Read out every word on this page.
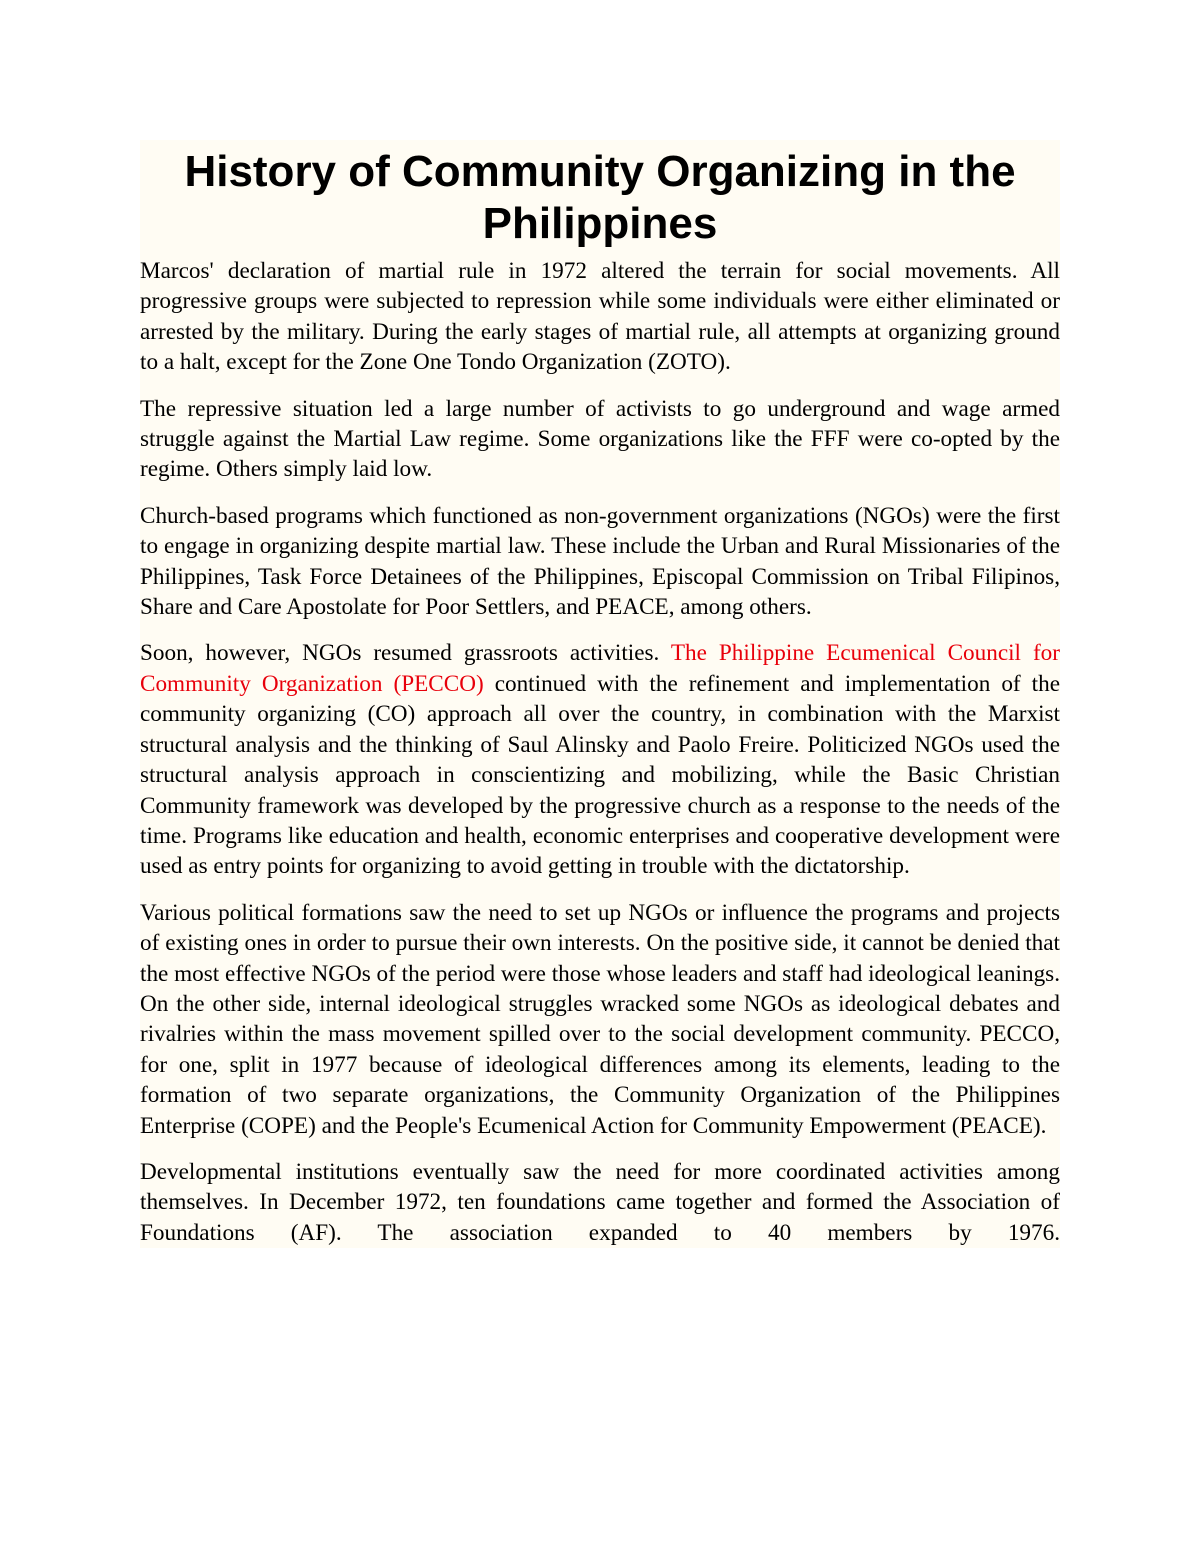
History of Community Organizing in the Philippines

Marcos' declaration of martial rule in 1972 altered the terrain for social movements. All progressive groups were subjected to repression while some individuals were either eliminated or arrested by the military. During the early stages of martial rule, all attempts at organizing ground to a halt, except for the Zone One Tondo Organization (ZOTO).

The repressive situation led a large number of activists to go underground and wage armed struggle against the Martial Law regime. Some organizations like the FFF were co-opted by the regime. Others simply laid low.

Church-based programs which functioned as non-government organizations (NGOs) were the first to engage in organizing despite martial law. These include the Urban and Rural Missionaries of the Philippines, Task Force Detainees of the Philippines, Episcopal Commission on Tribal Filipinos, Share and Care Apostolate for Poor Settlers, and PEACE, among others.

Soon, however, NGOs resumed grassroots activities. The Philippine Ecumenical Council for Community Organization (PECCO) continued with the refinement and implementation of the community organizing (CO) approach all over the country, in combination with the Marxist structural analysis and the thinking of Saul Alinsky and Paolo Freire. Politicized NGOs used the structural analysis approach in conscientizing and mobilizing, while the Basic Christian Community framework was developed by the progressive church as a response to the needs of the time. Programs like education and health, economic enterprises and cooperative development were used as entry points for organizing to avoid getting in trouble with the dictatorship.

Various political formations saw the need to set up NGOs or influence the programs and projects of existing ones in order to pursue their own interests. On the positive side, it cannot be denied that the most effective NGOs of the period were those whose leaders and staff had ideological leanings. On the other side, internal ideological struggles wracked some NGOs as ideological debates and rivalries within the mass movement spilled over to the social development community. PECCO, for one, split in 1977 because of ideological differences among its elements, leading to the formation of two separate organizations, the Community Organization of the Philippines Enterprise (COPE) and the People's Ecumenical Action for Community Empowerment (PEACE).

Developmental institutions eventually saw the need for more coordinated activities among themselves. In December 1972, ten foundations came together and formed the Association of Foundations (AF). The association expanded to 40 members by 1976.
